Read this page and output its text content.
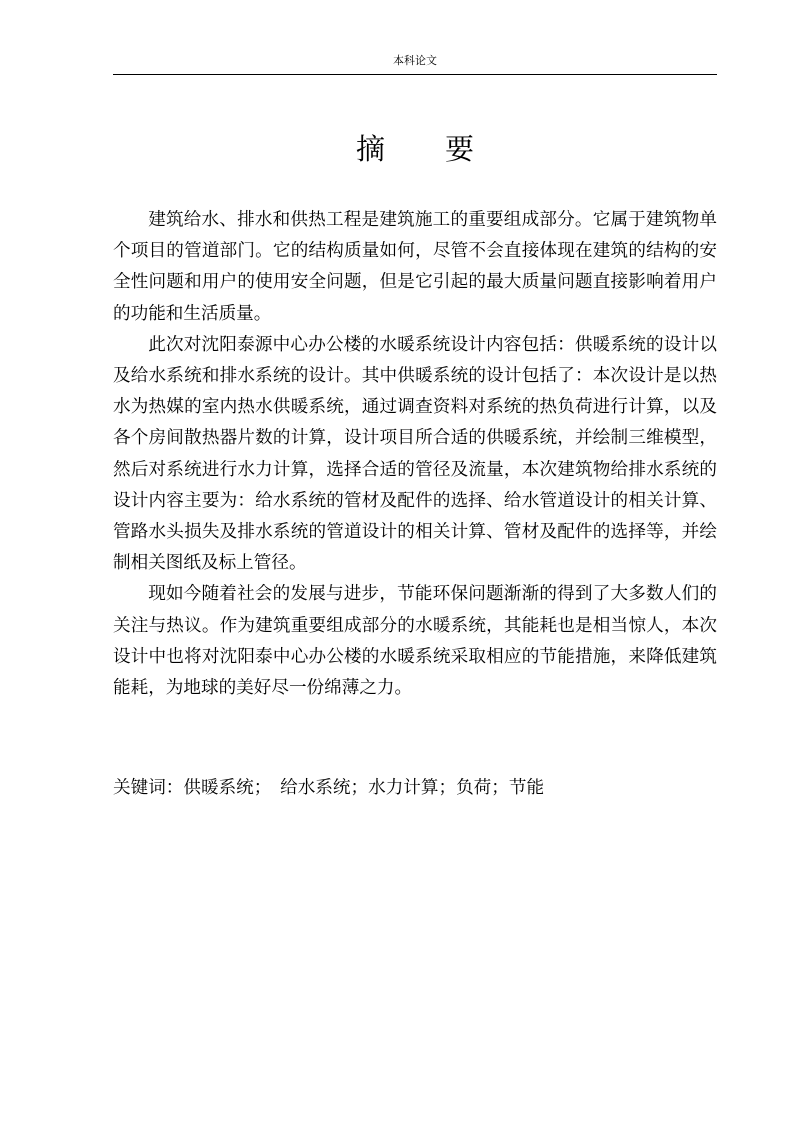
本科论文
摘 要

建筑给水、排水和供热工程是建筑施工的重要组成部分。它属于建筑物单个项目的管道部门。它的结构质量如何，尽管不会直接体现在建筑的结构的安全性问题和用户的使用安全问题，但是它引起的最大质量问题直接影响着用户的功能和生活质量。

此次对沈阳泰源中心办公楼的水暖系统设计内容包括：供暖系统的设计以及给水系统和排水系统的设计。其中供暖系统的设计包括了：本次设计是以热水为热媒的室内热水供暖系统，通过调查资料对系统的热负荷进行计算，以及各个房间散热器片数的计算，设计项目所合适的供暖系统，并绘制三维模型，然后对系统进行水力计算，选择合适的管径及流量，本次建筑物给排水系统的设计内容主要为：给水系统的管材及配件的选择、给水管道设计的相关计算、管路水头损失及排水系统的管道设计的相关计算、管材及配件的选择等，并绘制相关图纸及标上管径。

现如今随着社会的发展与进步，节能环保问题渐渐的得到了大多数人们的关注与热议。作为建筑重要组成部分的水暖系统，其能耗也是相当惊人，本次设计中也将对沈阳泰中心办公楼的水暖系统采取相应的节能措施，来降低建筑能耗，为地球的美好尽一份绵薄之力。

关键词：供暖系统；　给水系统；水力计算；负荷；节能
